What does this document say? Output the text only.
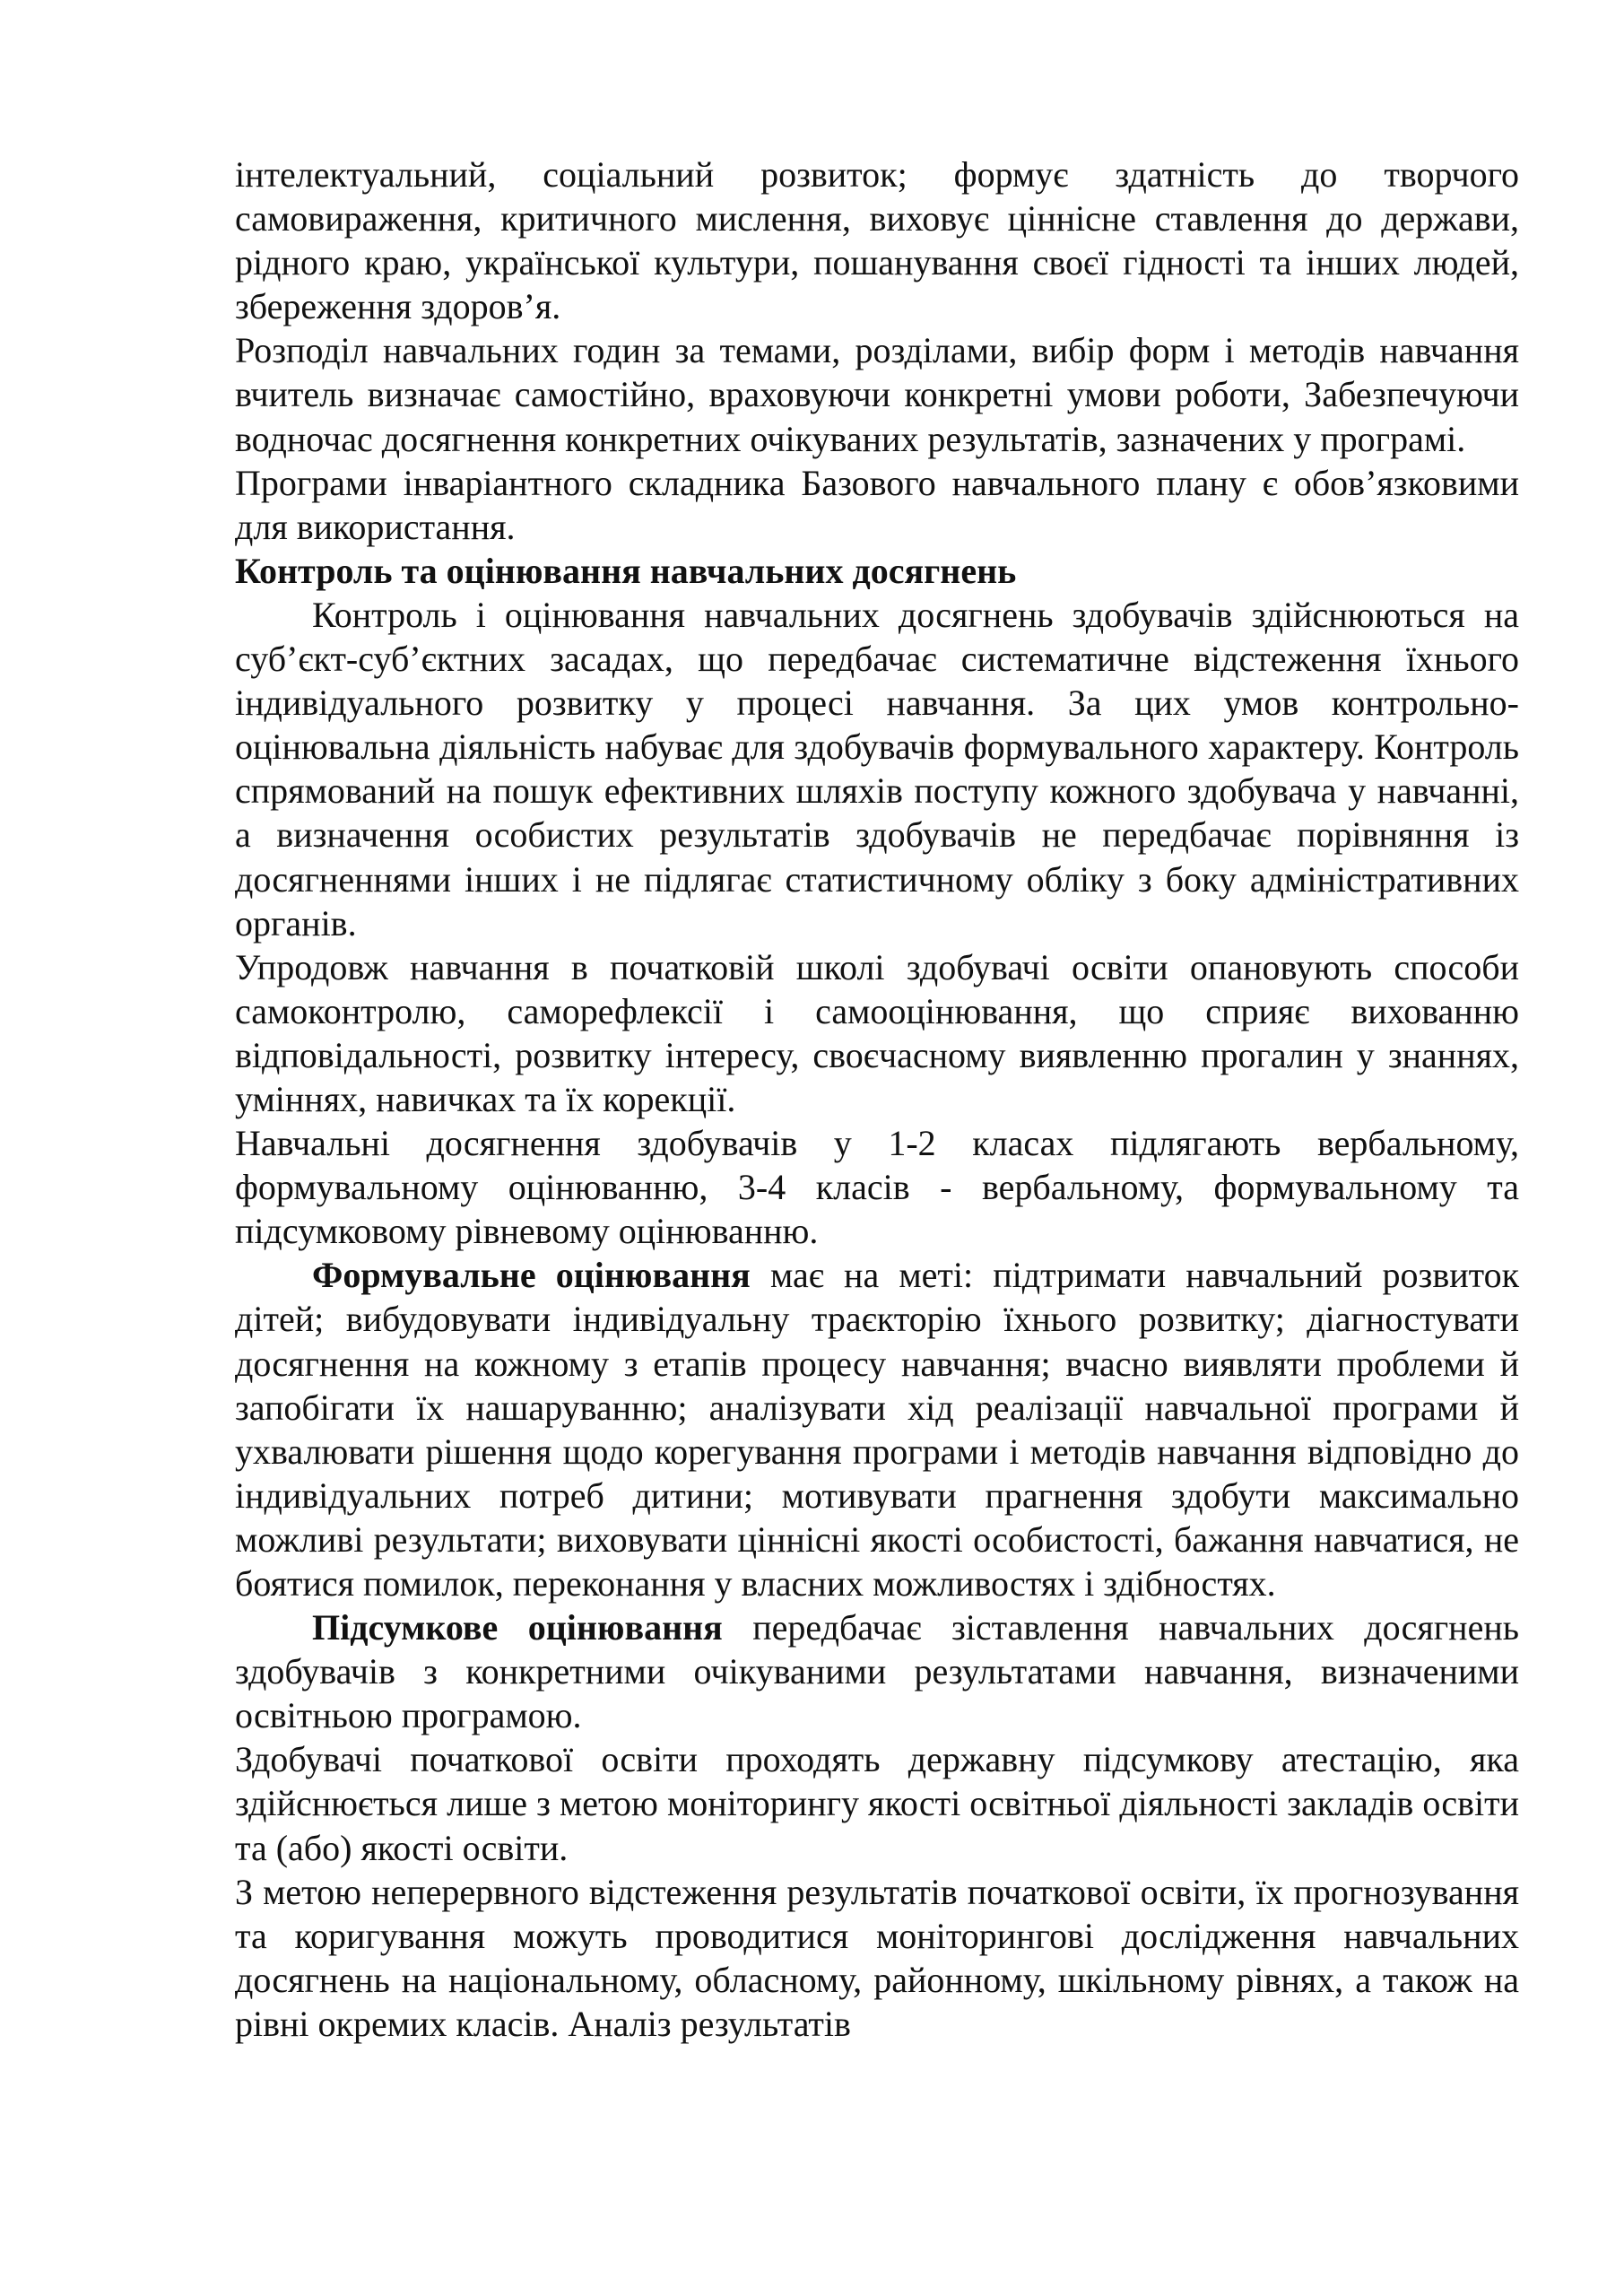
інтелектуальний, соціальний розвиток; формує здатність до творчого самовираження, критичного мислення, виховує ціннісне ставлення до держави, рідного краю, української культури, пошанування своєї гідності та інших людей, збереження здоров’я.

Розподіл навчальних годин за темами, розділами, вибір форм і методів навчання вчитель визначає самостійно, враховуючи конкретні умови роботи, Забезпечуючи водночас досягнення конкретних очікуваних результатів, зазначених у програмі.

Програми інваріантного складника Базового навчального плану є обов’язковими для використання.

Контроль та оцінювання навчальних досягнень

Контроль і оцінювання навчальних досягнень здобувачів здійснюються на суб’єкт-суб’єктних засадах, що передбачає систематичне відстеження їхнього індивідуального розвитку у процесі навчання. За цих умов контрольно-оцінювальна діяльність набуває для здобувачів формувального характеру. Контроль спрямований на пошук ефективних шляхів поступу кожного здобувача у навчанні, а визначення особистих результатів здобувачів не передбачає порівняння із досягненнями інших і не підлягає статистичному обліку з боку адміністративних органів.

Упродовж навчання в початковій школі здобувачі освіти опановують способи самоконтролю, саморефлексії і самооцінювання, що сприяє вихованню відповідальності, розвитку інтересу, своєчасному виявленню прогалин у знаннях, уміннях, навичках та їх корекції.

Навчальні досягнення здобувачів у 1-2 класах підлягають вербальному, формувальному оцінюванню, 3-4 класів - вербальному, формувальному та підсумковому рівневому оцінюванню.

Формувальне оцінювання має на меті: підтримати навчальний розвиток дітей; вибудовувати індивідуальну траєкторію їхнього розвитку; діагностувати досягнення на кожному з етапів процесу навчання; вчасно виявляти проблеми й запобігати їх нашаруванню; аналізувати хід реалізації навчальної програми й ухвалювати рішення щодо корегування програми і методів навчання відповідно до індивідуальних потреб дитини; мотивувати прагнення здобути максимально можливі результати; виховувати ціннісні якості особистості, бажання навчатися, не боятися помилок, переконання у власних можливостях і здібностях.

Підсумкове оцінювання передбачає зіставлення навчальних досягнень здобувачів з конкретними очікуваними результатами навчання, визначеними освітньою програмою.

Здобувачі початкової освіти проходять державну підсумкову атестацію, яка здійснюється лише з метою моніторингу якості освітньої діяльності закладів освіти та (або) якості освіти.

З метою неперервного відстеження результатів початкової освіти, їх прогнозування та коригування можуть проводитися моніторингові дослідження навчальних досягнень на національному, обласному, районному, шкільному рівнях, а також на рівні окремих класів. Аналіз результатів
